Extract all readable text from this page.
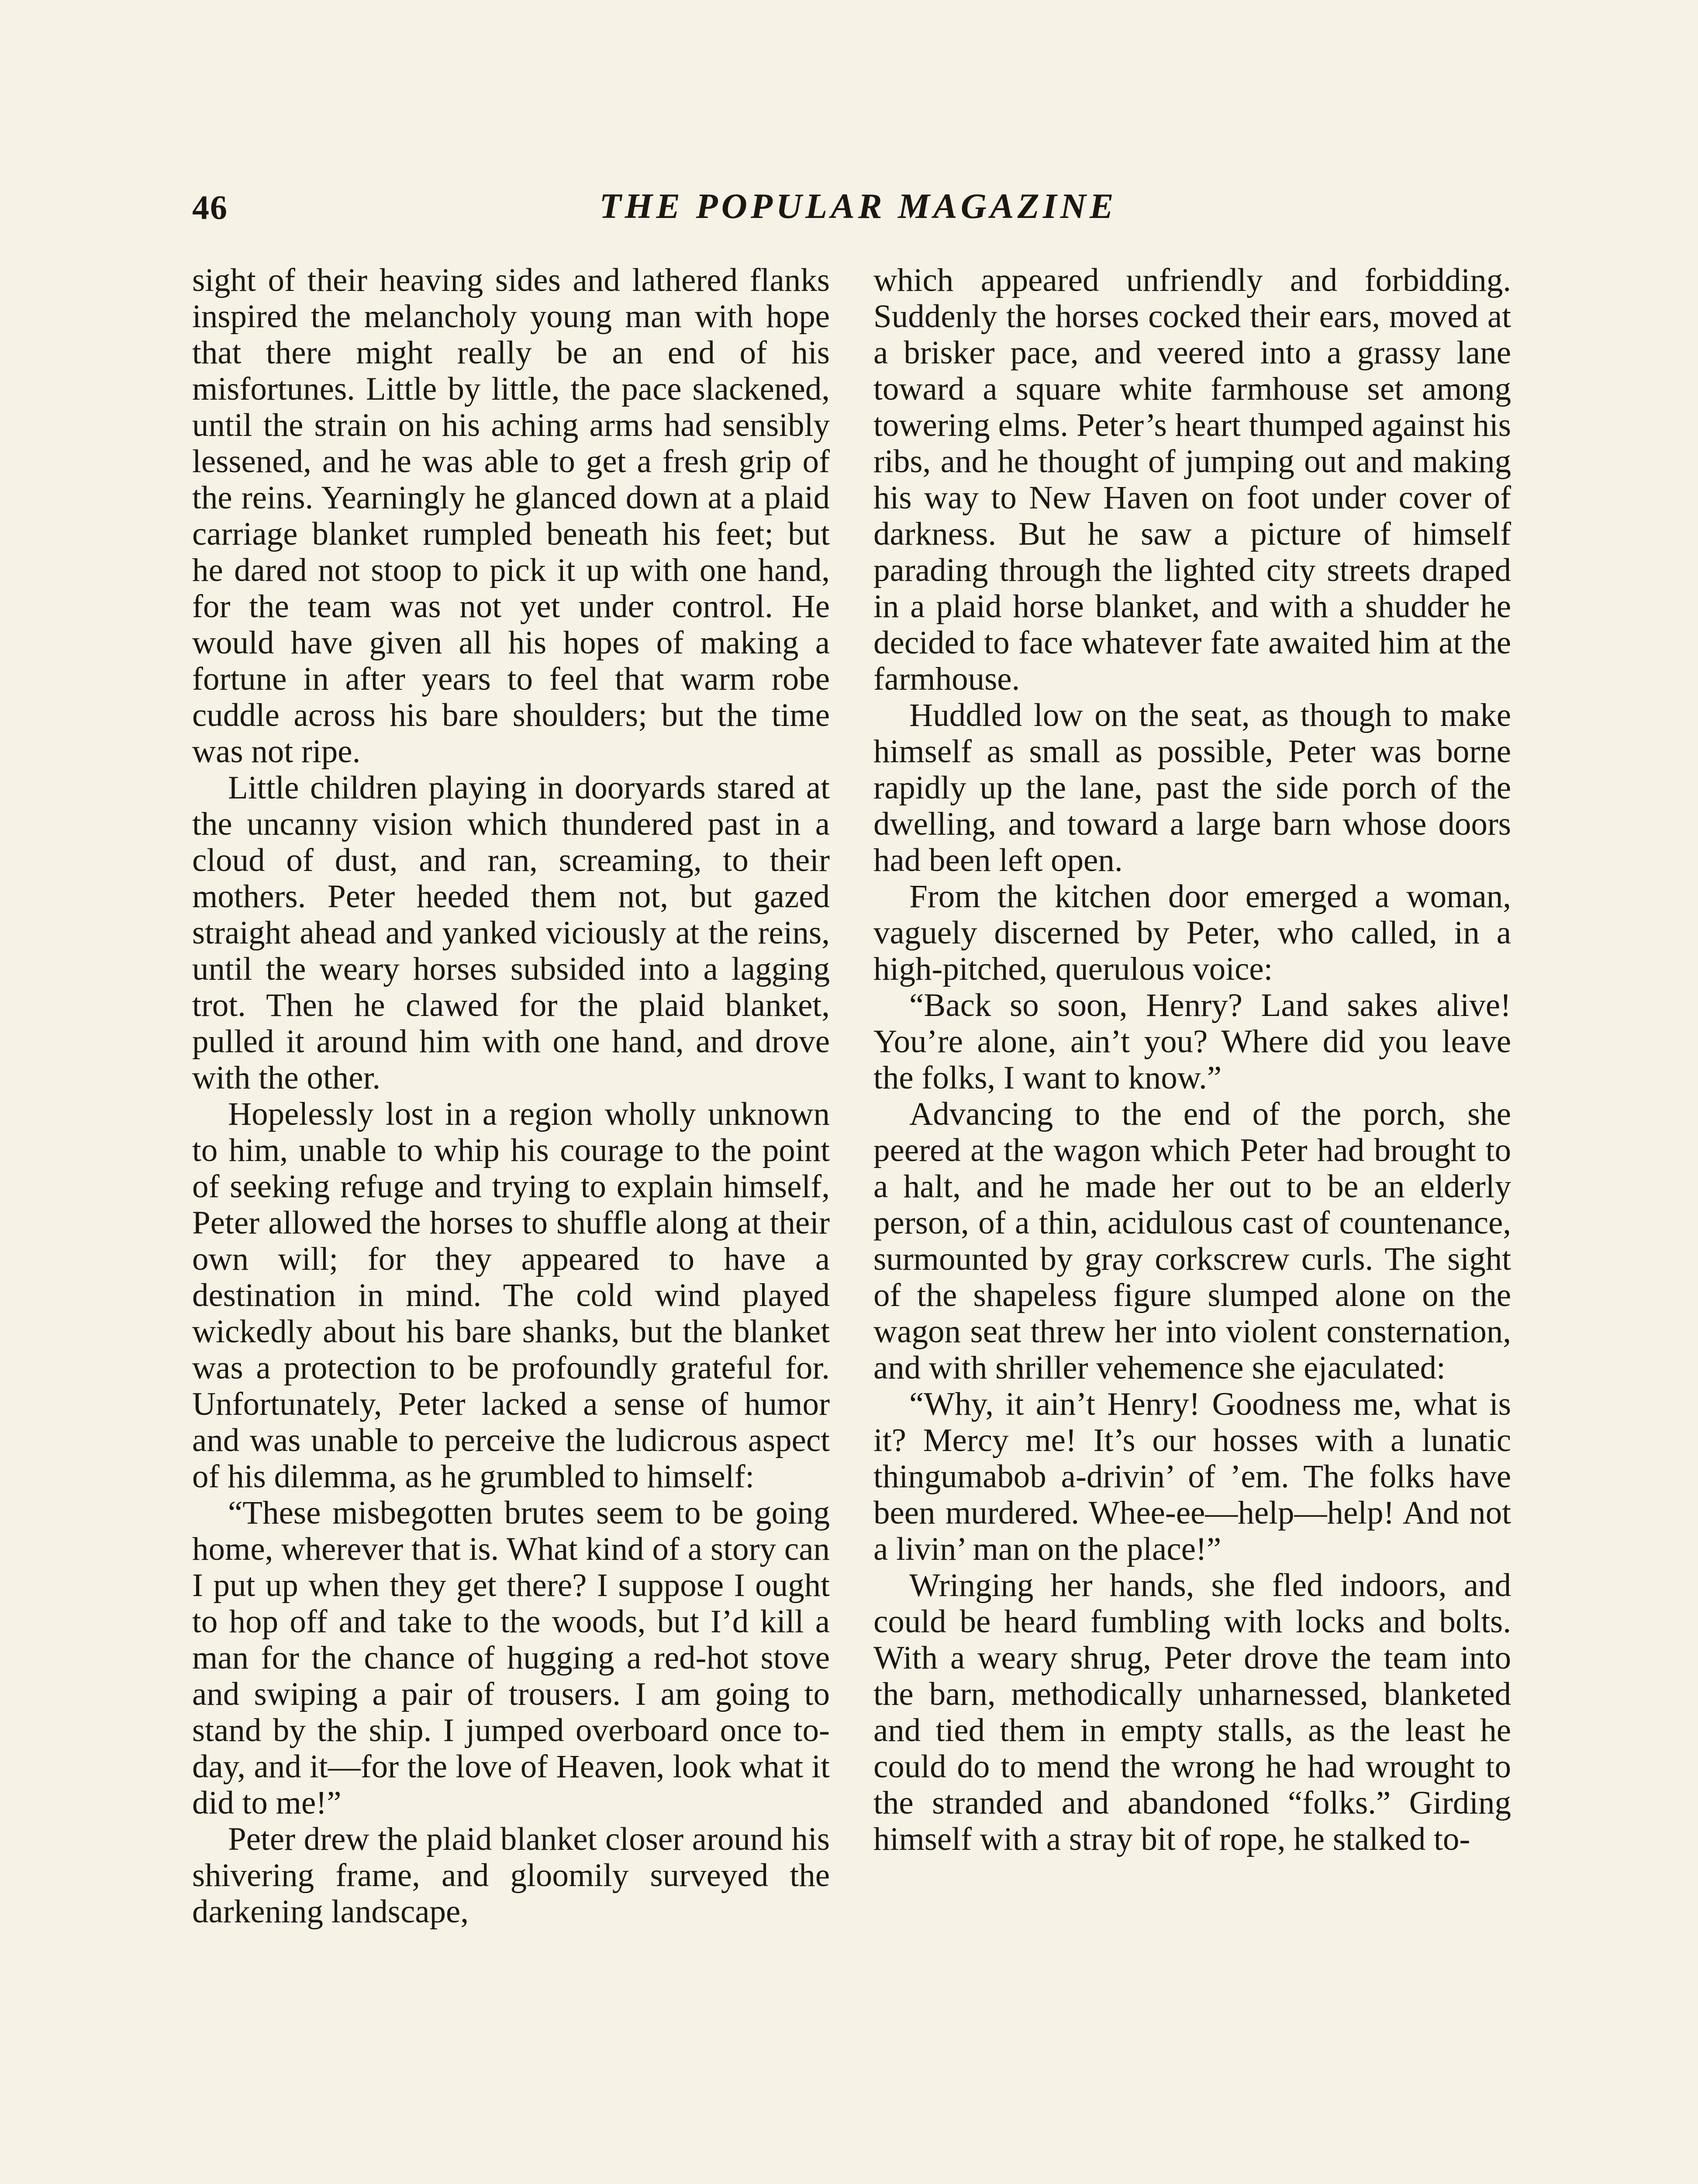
46	THE POPULAR MAGAZINE

sight of their heaving sides and lathered flanks inspired the melancholy young man with hope that there might really be an end of his misfortunes. Little by little, the pace slackened, until the strain on his aching arms had sensibly lessened, and he was able to get a fresh grip of the reins. Yearningly he glanced down at a plaid carriage blanket rumpled beneath his feet; but he dared not stoop to pick it up with one hand, for the team was not yet under control. He would have given all his hopes of making a fortune in after years to feel that warm robe cuddle across his bare shoulders; but the time was not ripe.

Little children playing in dooryards stared at the uncanny vision which thundered past in a cloud of dust, and ran, screaming, to their mothers. Peter heeded them not, but gazed straight ahead and yanked viciously at the reins, until the weary horses subsided into a lagging trot. Then he clawed for the plaid blanket, pulled it around him with one hand, and drove with the other.

Hopelessly lost in a region wholly unknown to him, unable to whip his courage to the point of seeking refuge and trying to explain himself, Peter allowed the horses to shuffle along at their own will; for they appeared to have a destination in mind. The cold wind played wickedly about his bare shanks, but the blanket was a protection to be profoundly grateful for. Unfortunately, Peter lacked a sense of humor and was unable to perceive the ludicrous aspect of his dilemma, as he grumbled to himself:

“These misbegotten brutes seem to be going home, wherever that is. What kind of a story can I put up when they get there? I suppose I ought to hop off and take to the woods, but I’d kill a man for the chance of hugging a red-hot stove and swiping a pair of trousers. I am going to stand by the ship. I jumped overboard once to-day, and it—for the love of Heaven, look what it did to me!”

Peter drew the plaid blanket closer around his shivering frame, and gloomily surveyed the darkening landscape,

which appeared unfriendly and forbidding. Suddenly the horses cocked their ears, moved at a brisker pace, and veered into a grassy lane toward a square white farmhouse set among towering elms. Peter’s heart thumped against his ribs, and he thought of jumping out and making his way to New Haven on foot under cover of darkness. But he saw a picture of himself parading through the lighted city streets draped in a plaid horse blanket, and with a shudder he decided to face whatever fate awaited him at the farmhouse.

Huddled low on the seat, as though to make himself as small as possible, Peter was borne rapidly up the lane, past the side porch of the dwelling, and toward a large barn whose doors had been left open.

From the kitchen door emerged a woman, vaguely discerned by Peter, who called, in a high-pitched, querulous voice:

“Back so soon, Henry? Land sakes alive! You’re alone, ain’t you? Where did you leave the folks, I want to know.”

Advancing to the end of the porch, she peered at the wagon which Peter had brought to a halt, and he made her out to be an elderly person, of a thin, acidulous cast of countenance, surmounted by gray corkscrew curls. The sight of the shapeless figure slumped alone on the wagon seat threw her into violent consternation, and with shriller vehemence she ejaculated:

“Why, it ain’t Henry! Goodness me, what is it? Mercy me! It’s our hosses with a lunatic thingumabob a-drivin’ of ’em. The folks have been murdered. Whee-ee—help—help! And not a livin’ man on the place!”

Wringing her hands, she fled indoors, and could be heard fumbling with locks and bolts. With a weary shrug, Peter drove the team into the barn, methodically unharnessed, blanketed and tied them in empty stalls, as the least he could do to mend the wrong he had wrought to the stranded and abandoned “folks.” Girding himself with a stray bit of rope, he stalked to-
